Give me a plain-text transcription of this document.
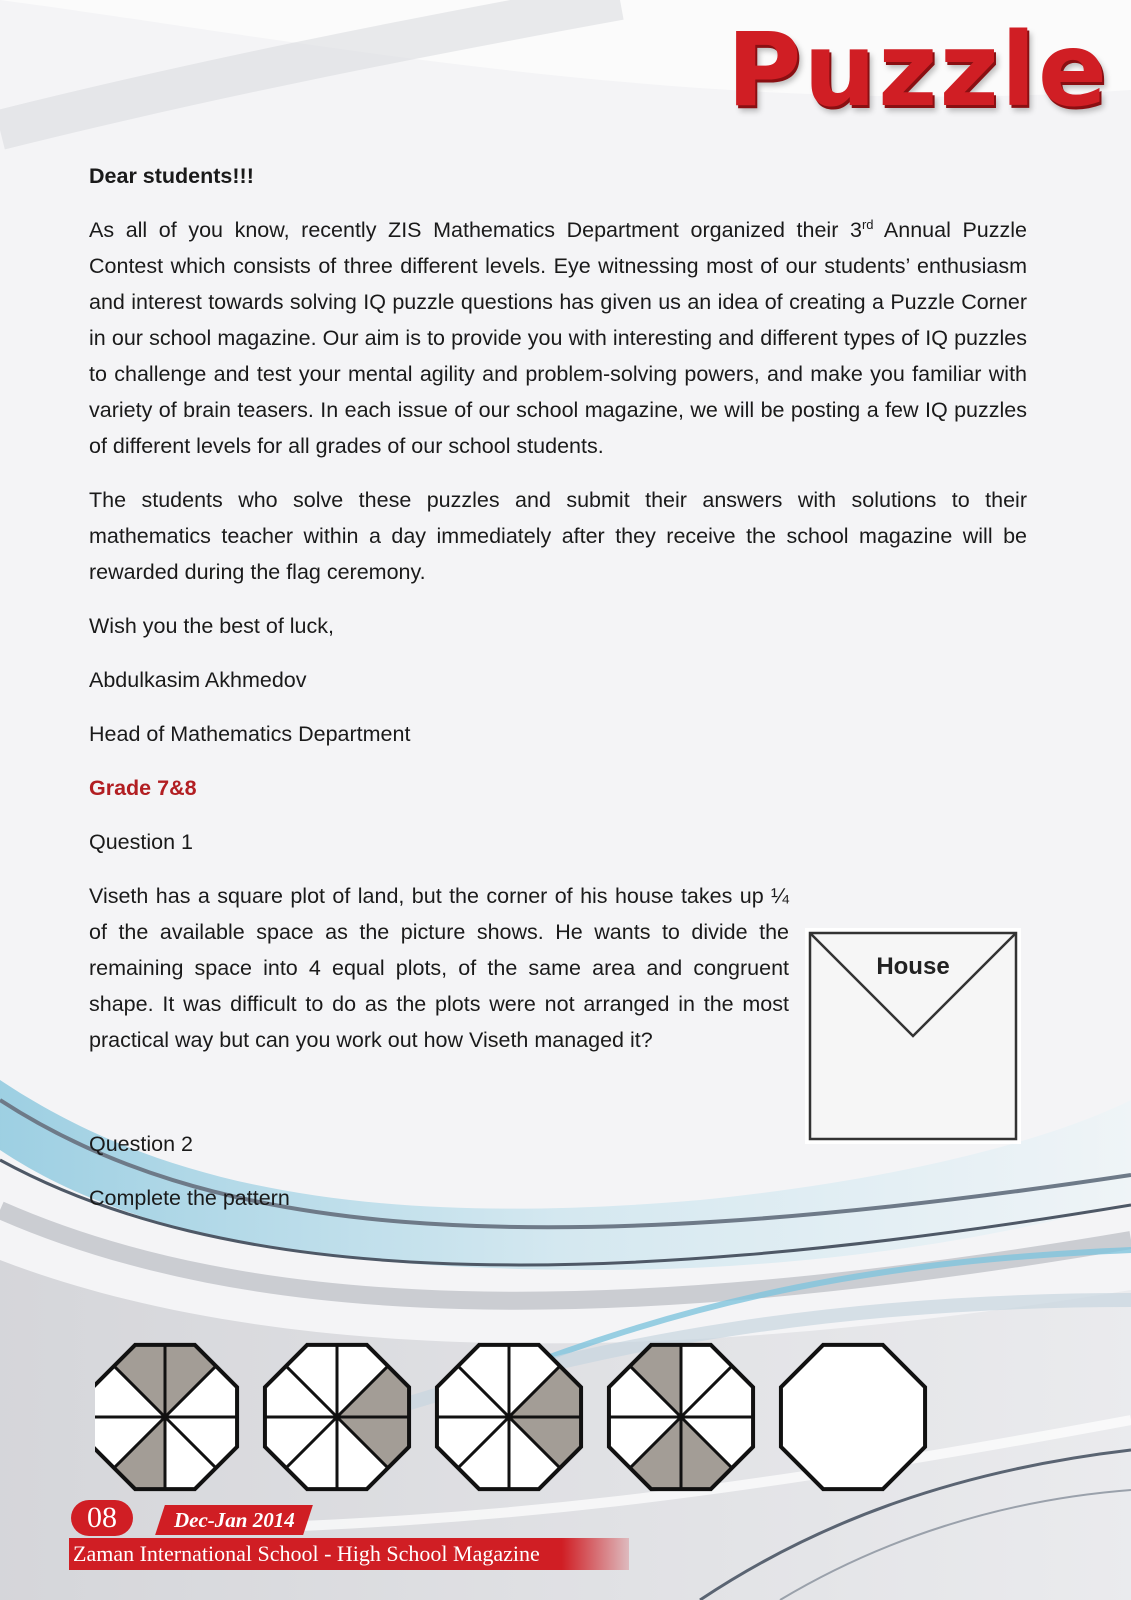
Puzzle

Dear students!!!

As all of you know, recently ZIS Mathematics Department organized their 3rd Annual Puzzle Contest which consists of three different levels. Eye witnessing most of our students’ enthusiasm and interest towards solving IQ puzzle questions has given us an idea of creating a Puzzle Corner in our school magazine. Our aim is to provide you with interesting and different types of IQ puzzles to challenge and test your mental agility and problem-solving powers, and make you familiar with variety of brain teasers. In each issue of our school magazine, we will be posting a few IQ puzzles of different levels for all grades of our school students.

The students who solve these puzzles and submit their answers with solutions to their mathematics teacher within a day immediately after they receive the school magazine will be rewarded during the flag ceremony.

Wish you the best of luck,

Abdulkasim Akhmedov

Head of Mathematics Department

Grade 7&8

Question 1

Viseth has a square plot of land, but the corner of his house takes up ¼ of the available space as the picture shows. He wants to divide the remaining space into 4 equal plots, of the same area and congruent shape. It was difficult to do as the plots were not arranged in the most practical way but can you work out how Viseth managed it?

Question 2

Complete the pattern

House
08	Dec-Jan 2014
Zaman International School - High School Magazine
